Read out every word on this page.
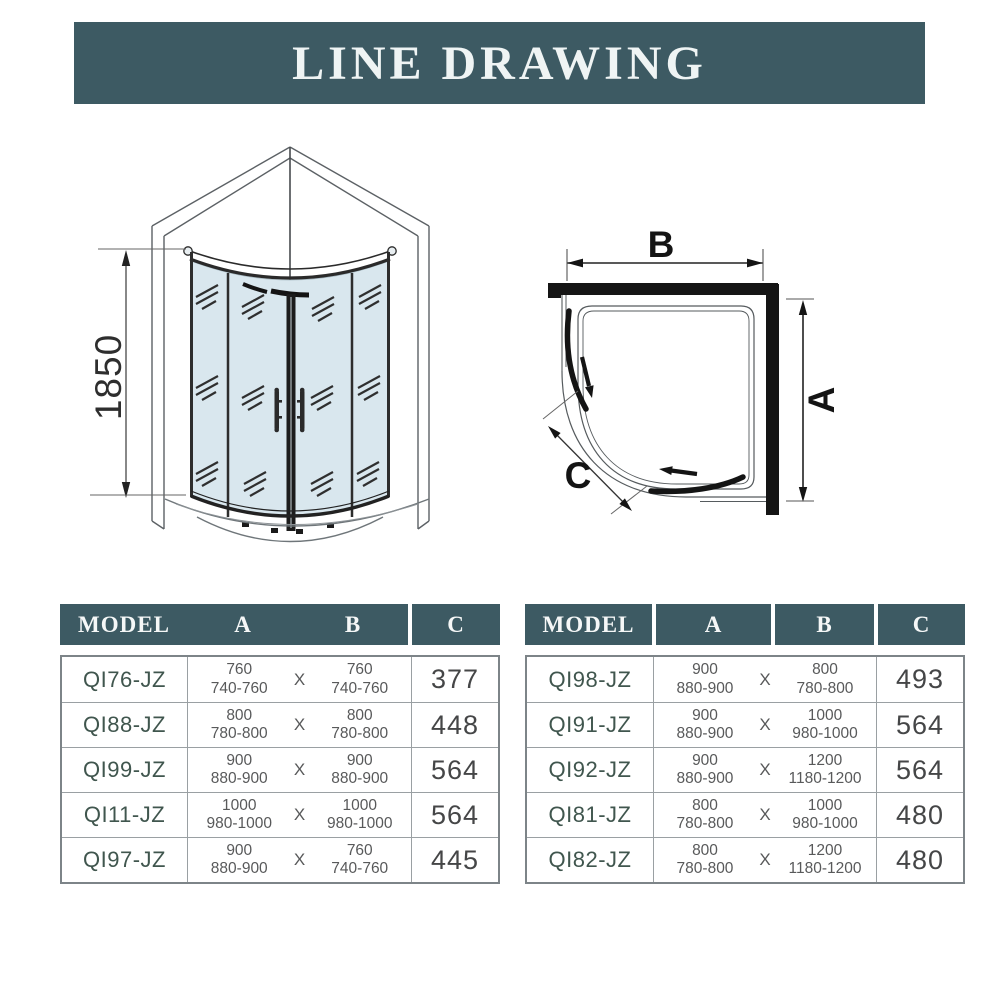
LINE DRAWING
1850
B
A
C
MODEL	A	B	C
QI76-JZ	760
740-760	X	760
740-760	377
QI88-JZ	800
780-800	X	800
780-800	448
QI99-JZ	900
880-900	X	900
880-900	564
QI11-JZ	1000
980-1000	X	1000
980-1000	564
QI97-JZ	900
880-900	X	760
740-760	445
MODEL	A	B	C
QI98-JZ	900
880-900	X	800
780-800	493
QI91-JZ	900
880-900	X	1000
980-1000	564
QI92-JZ	900
880-900	X	1200
1180-1200	564
QI81-JZ	800
780-800	X	1000
980-1000	480
QI82-JZ	800
780-800	X	1200
1180-1200	480
